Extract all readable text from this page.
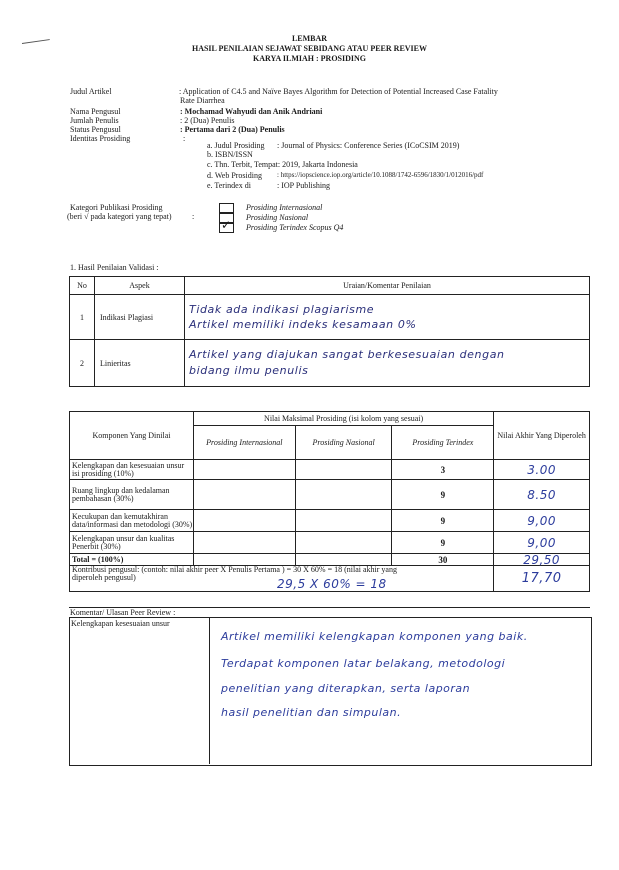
LEMBAR
HASIL PENILAIAN SEJAWAT SEBIDANG ATAU PEER REVIEW
KARYA ILMIAH : PROSIDING
Judul Artikel	: Application of C4.5 and Naïve Bayes Algorithm for Detection of Potential Increased Case Fatality
Rate Diarrhea
Nama Pengusul	: Mochamad Wahyudi dan Anik Andriani
Jumlah Penulis	: 2 (Dua) Penulis
Status Pengusul	: Pertama dari 2 (Dua) Penulis
Identitas Prosiding	:
a. Judul Prosiding : Journal of Physics: Conference Series (ICoCSIM 2019)
b. ISBN/ISSN
c. Thn. Terbit, Tempat: 2019, Jakarta Indonesia
d. Web Prosiding : https://iopscience.iop.org/article/10.1088/1742-6596/1830/1/012016/pdf
e. Terindex di	: IOP Publishing
Kategori Publikasi Prosiding
(beri √ pada kategori yang tepat)	:
Prosiding Internasional
Prosiding Nasional
✓ Prosiding Terindex Scopus Q4
1. Hasil Penilaian Validasi :
No	Aspek	Uraian/Komentar Penilaian
1	Indikasi Plagiasi	Tidak ada indikasi plagiarisme
Artikel memiliki indeks kesamaan 0%

2	Linieritas	Artikel yang diajukan sangat berkesesuaian dengan
bidang ilmu penulis
Komponen Yang Dinilai	Nilai Maksimal Prosiding (isi kolom yang sesuai)			Nilai Akhir Yang Diperoleh
	Prosiding Internasional	Prosiding Nasional	Prosiding Terindex	
Kelengkapan dan kesesuaian unsur isi prosiding (10%)			3	3.00
Ruang lingkup dan kedalaman pembahasan (30%)			9	8.50
Kecukupan dan kemutakhiran data/informasi dan metodologi (30%)			9	9,00
Kelengkapan unsur dan kualitas Penerbit (30%)			9	9,00
Total = (100%)			30	29,50

Kontribusi pengusul: (contoh: nilai akhir peer X Penulis Pertama ) = 30 X 60% = 18 (nilai akhir yang diperoleh pengusul) 29,5 X 60% = 18				17,70
Komentar/ Ulasan Peer Review :
Kelengkapan kesesuaian unsur
Artikel memiliki kelengkapan komponen yang baik.
Terdapat komponen latar belakang, metodologi
penelitian yang diterapkan, serta laporan
hasil penelitian dan simpulan.
